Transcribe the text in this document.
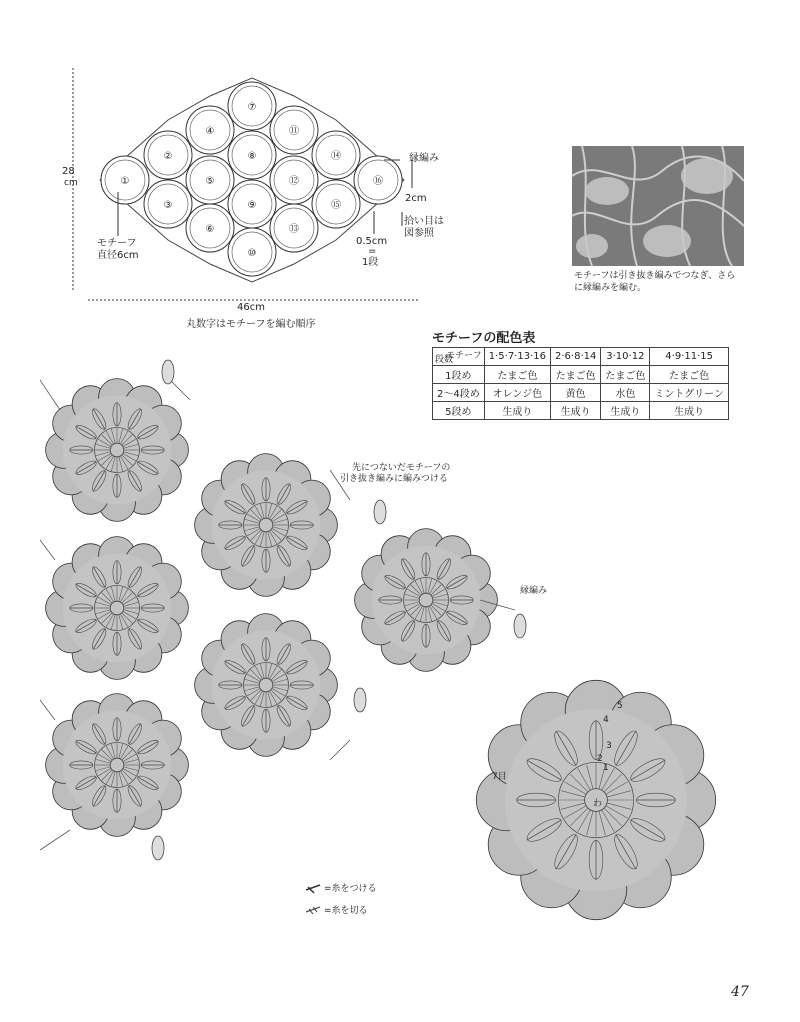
①
②
③
④
⑤
⑥
⑦
⑧
⑨
⑩
⑪
⑫
⑬
⑭
⑮
⑯
28
cm
46cm
縁編み
2cm
拾い目は
図参照
0.5cm
=
1段
モチーフ
直径6cm
丸数字はモチーフを編む順序
モチーフは引き抜き編みでつなぎ、さら
に縁編みを編む。
モチーフの配色表
モチーフ
段数	1·5·7·13·16	2·6·8·14	3·10·12	4·9·11·15
1段め	たまご色	たまご色	たまご色	たまご色
2〜4段め	オレンジ色	黄色	水色	ミントグリーン
5段め	生成り	生成り	生成り	生成り
先につないだモチーフの
引き抜き編みに編みつける
縁編み
=糸をつける
=糸を切る
5
4
3
2
1
7目
わ
47
